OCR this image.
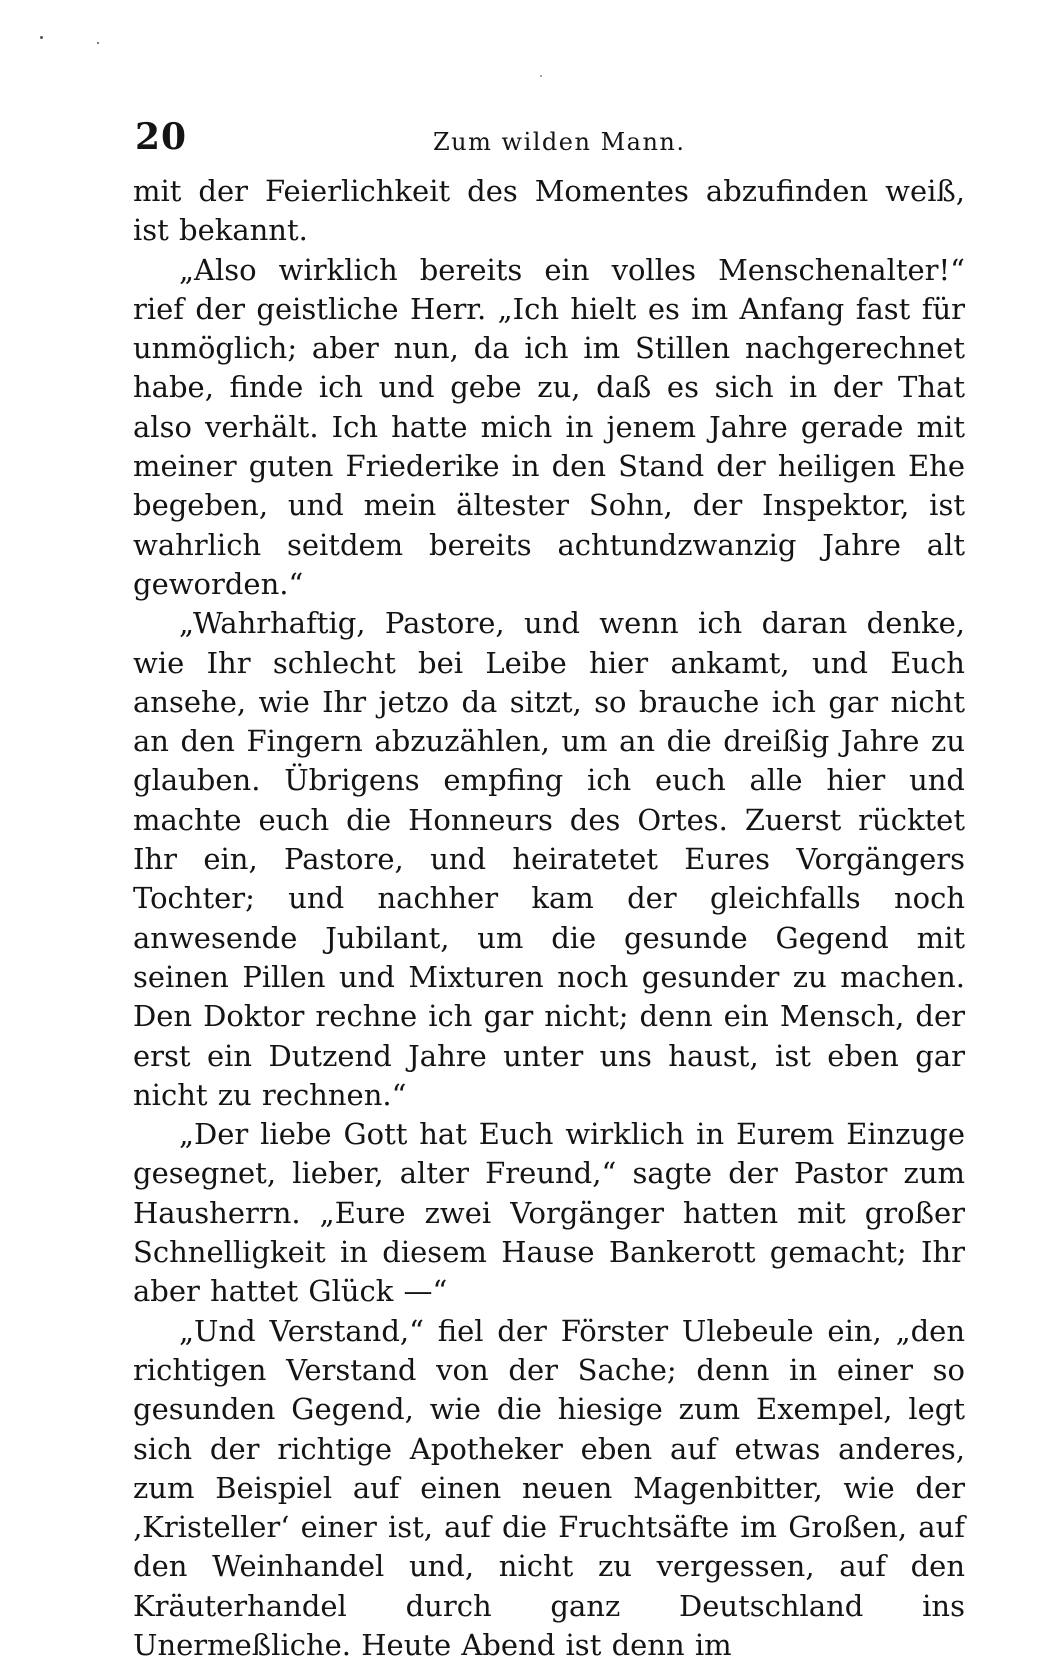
20	Zum wilden Mann.

mit der Feierlichkeit des Momentes abzufinden weiß, ist bekannt.

„Also wirklich bereits ein volles Menschenalter!“ rief der geistliche Herr. „Ich hielt es im Anfang fast für unmöglich; aber nun, da ich im Stillen nachgerechnet habe, finde ich und gebe zu, daß es sich in der That also verhält. Ich hatte mich in jenem Jahre gerade mit meiner guten Friederike in den Stand der heiligen Ehe begeben, und mein ältester Sohn, der Inspektor, ist wahrlich seitdem bereits achtundzwanzig Jahre alt geworden.“

„Wahrhaftig, Pastore, und wenn ich daran denke, wie Ihr schlecht bei Leibe hier ankamt, und Euch ansehe, wie Ihr jetzo da sitzt, so brauche ich gar nicht an den Fingern abzuzählen, um an die dreißig Jahre zu glauben. Übrigens empfing ich euch alle hier und machte euch die Honneurs des Ortes. Zuerst rücktet Ihr ein, Pastore, und heiratetet Eures Vorgängers Tochter; und nachher kam der gleichfalls noch anwesende Jubilant, um die gesunde Gegend mit seinen Pillen und Mixturen noch gesunder zu machen. Den Doktor rechne ich gar nicht; denn ein Mensch, der erst ein Dutzend Jahre unter uns haust, ist eben gar nicht zu rechnen.“

„Der liebe Gott hat Euch wirklich in Eurem Einzuge gesegnet, lieber, alter Freund,“ sagte der Pastor zum Hausherrn. „Eure zwei Vorgänger hatten mit großer Schnelligkeit in diesem Hause Bankerott gemacht; Ihr aber hattet Glück —“

„Und Verstand,“ fiel der Förster Ulebeule ein, „den richtigen Verstand von der Sache; denn in einer so gesunden Gegend, wie die hiesige zum Exempel, legt sich der richtige Apotheker eben auf etwas anderes, zum Beispiel auf einen neuen Magenbitter, wie der ‚Kristeller‘ einer ist, auf die Fruchtsäfte im Großen, auf den Weinhandel und, nicht zu vergessen, auf den Kräuterhandel durch ganz Deutschland ins Unermeßliche. Heute Abend ist denn im
